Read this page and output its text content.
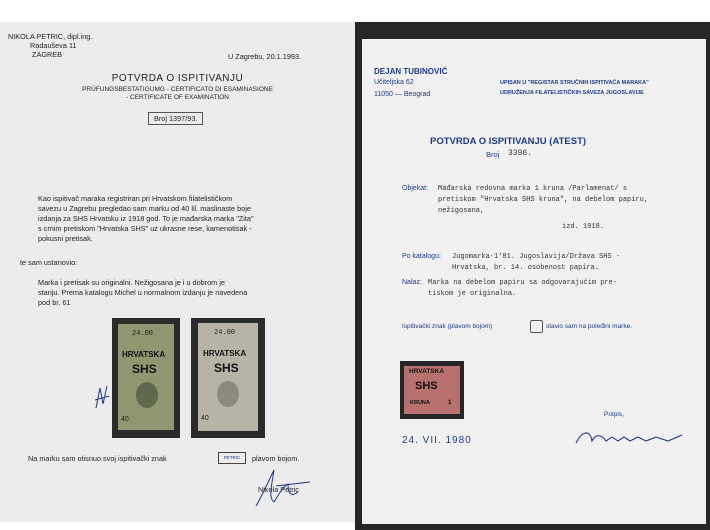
NIKOLA PETRIC, dipl.ing.
Radauševa 11
ZAGREB	U Zagrebu, 20.1.1993.
POTVRDA O ISPITIVANJU
PRÜFUNGSBESTATIGUMG - CERTIFICATO DI ESAMINASIONE
- CERTIFICATE OF EXAMINATION
Broj 1397/93.
Kao ispitivač maraka registriran pri Hrvatskom filatelističkom
savezu u Zagrebu pregledao sam marku od 40 lil. maslinaste boje
izdanja za SHS Hrvatsku iz 1918 god. To je mađarska marka "Zita"
s crnim pretiskom "Hrvatska SHS" uz ukrasne rese, kamenotisak -
pokusni pretisak.
te sam ustanovio:
Marka i pretisak su originalni. Nežigosana je i u dobrom je
stanju. Prema katalogu Michel u normalnom izdanju je navedena
pod br. 61
24.00
HRVATSKA
SHS
40
24.00
HRVATSKA
SHS
40
Na marku sam otisnuo svoj ispitivački znak	PETRIC	plavom bojom.
Nikola Petric
DEJAN TUBINOVIĆ
Učiteljska 62
11050 — Beograd
UPISAN U "REGISTAR STRUČNIH ISPITIVAČA MARAKA"
UDRUŽENJA FILATELISTIČKIH SAVEZA JUGOSLAVIJE
POTVRDA O ISPITIVANJU (ATEST)
Broj 3396.
Objekat: Mađarska redovna marka 1 kruna /Parlamenat/ s
pretiskom "Hrvatska SHS kruna", na debelom papiru,
nežigosana,
izd. 1918.
Po katalogu: Jugomarka-1'81. Jugoslavija/Država SHS -
Hrvatska, br. 14. osobenost papira.
Nalaz: Marka na debelom papiru sa odgovarajućim pre-
tiskom je originalna.
Ispitivački znak (plavom bojom)	stavio sam na poleđini marke.
HRVATSKA
SHS
KRUNA	1
Potpis,
24. VII. 1980
